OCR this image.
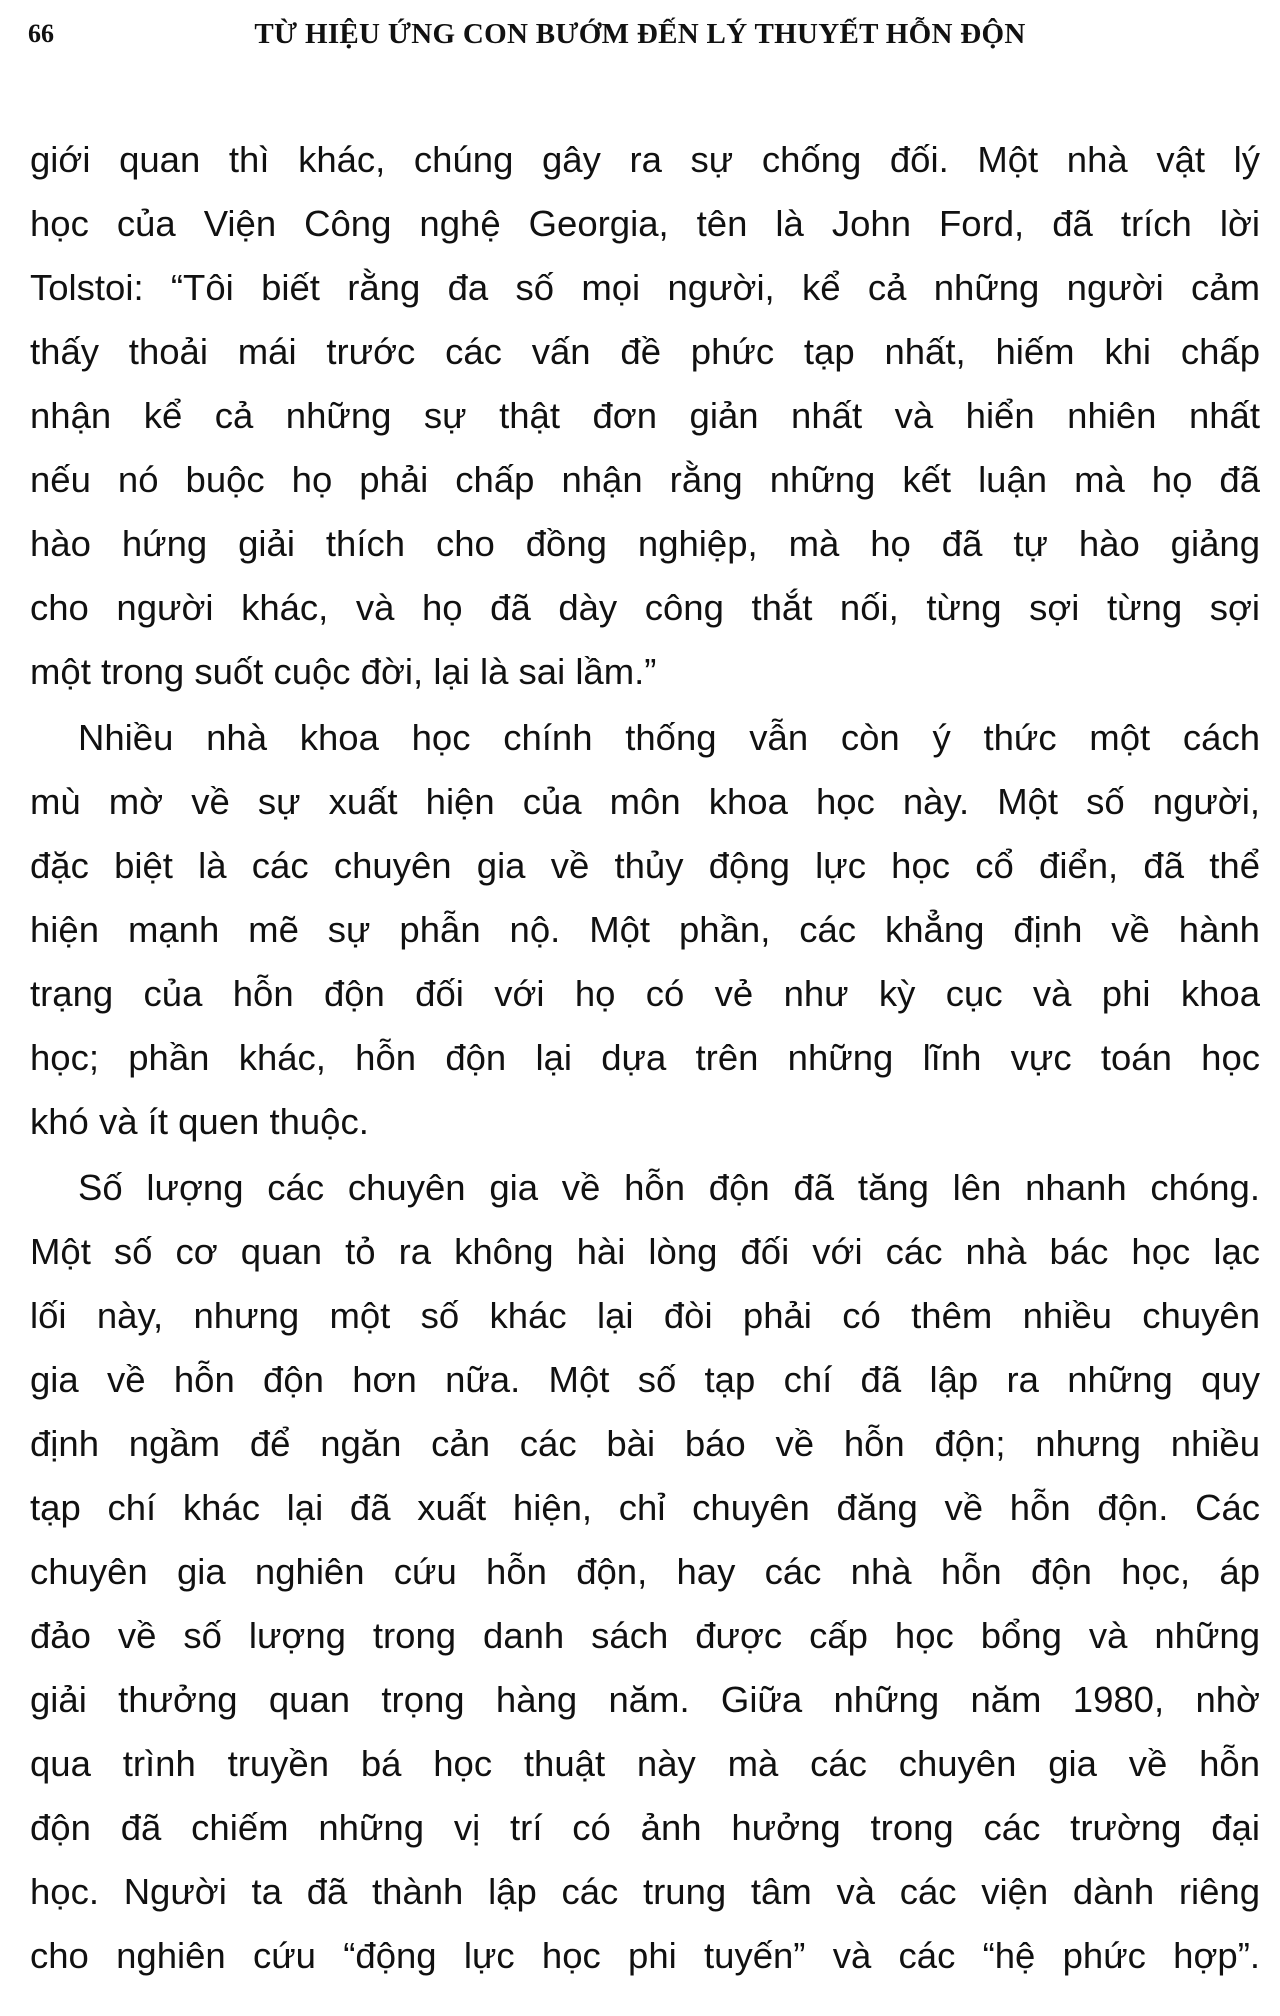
66	TỪ HIỆU ỨNG CON BƯỚM ĐẾN LÝ THUYẾT HỖN ĐỘN
giới quan thì khác, chúng gây ra sự chống đối. Một nhà vật lý
học của Viện Công nghệ Georgia, tên là John Ford, đã trích lời
Tolstoi: “Tôi biết rằng đa số mọi người, kể cả những người cảm
thấy thoải mái trước các vấn đề phức tạp nhất, hiếm khi chấp
nhận kể cả những sự thật đơn giản nhất và hiển nhiên nhất
nếu nó buộc họ phải chấp nhận rằng những kết luận mà họ đã
hào hứng giải thích cho đồng nghiệp, mà họ đã tự hào giảng
cho người khác, và họ đã dày công thắt nối, từng sợi từng sợi
một trong suốt cuộc đời, lại là sai lầm.”
Nhiều nhà khoa học chính thống vẫn còn ý thức một cách
mù mờ về sự xuất hiện của môn khoa học này. Một số người,
đặc biệt là các chuyên gia về thủy động lực học cổ điển, đã thể
hiện mạnh mẽ sự phẫn nộ. Một phần, các khẳng định về hành
trạng của hỗn độn đối với họ có vẻ như kỳ cục và phi khoa
học; phần khác, hỗn độn lại dựa trên những lĩnh vực toán học
khó và ít quen thuộc.
Số lượng các chuyên gia về hỗn độn đã tăng lên nhanh chóng.
Một số cơ quan tỏ ra không hài lòng đối với các nhà bác học lạc
lối này, nhưng một số khác lại đòi phải có thêm nhiều chuyên
gia về hỗn độn hơn nữa. Một số tạp chí đã lập ra những quy
định ngầm để ngăn cản các bài báo về hỗn độn; nhưng nhiều
tạp chí khác lại đã xuất hiện, chỉ chuyên đăng về hỗn độn. Các
chuyên gia nghiên cứu hỗn độn, hay các nhà hỗn độn học, áp
đảo về số lượng trong danh sách được cấp học bổng và những
giải thưởng quan trọng hàng năm. Giữa những năm 1980, nhờ
qua trình truyền bá học thuật này mà các chuyên gia về hỗn
độn đã chiếm những vị trí có ảnh hưởng trong các trường đại
học. Người ta đã thành lập các trung tâm và các viện dành riêng
cho nghiên cứu “động lực học phi tuyến” và các “hệ phức hợp”.
